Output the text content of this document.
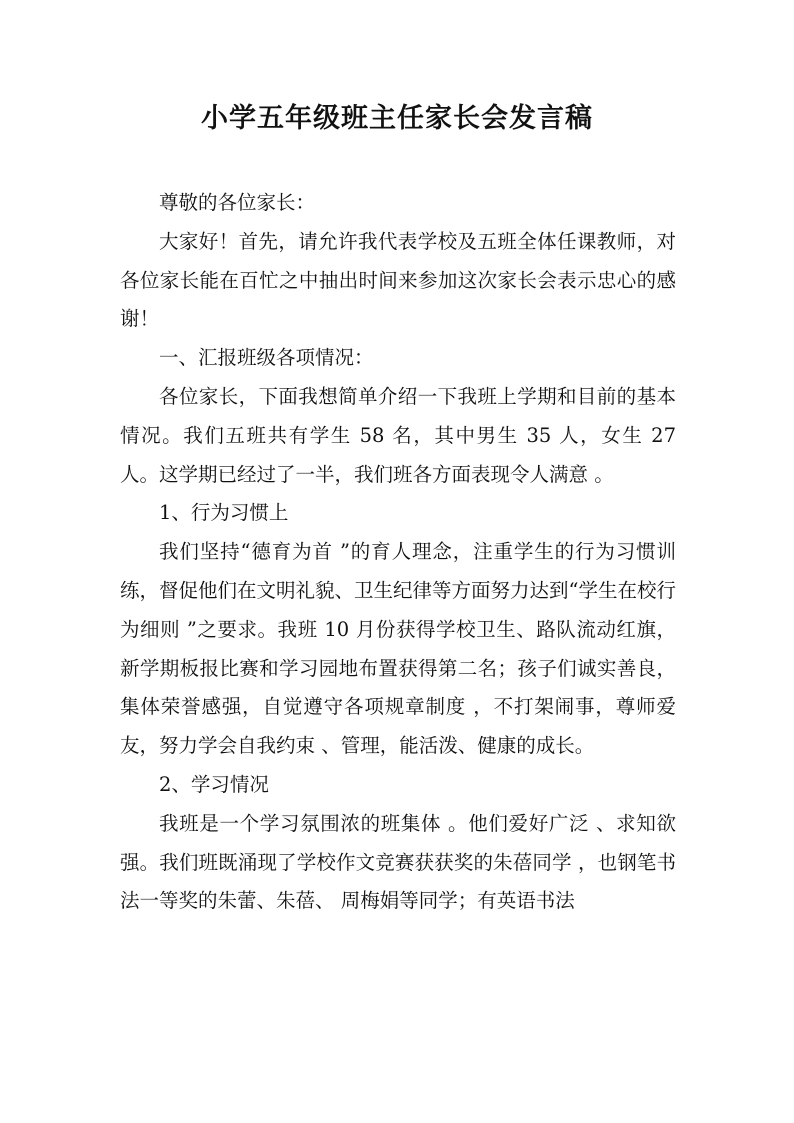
小学五年级班主任家长会发言稿

尊敬的各位家长：

大家好！首先，请允许我代表学校及五班全体任课教师，对各位家长能在百忙之中抽出时间来参加这次家长会表示忠心的感谢！

一、汇报班级各项情况：

各位家长，下面我想简单介绍一下我班上学期和目前的基本情况。我们五班共有学生 58 名，其中男生 35 人，女生 27 人。这学期已经过了一半，我们班各方面表现令人满意 。

1、行为习惯上

我们坚持“德育为首 ”的育人理念，注重学生的行为习惯训练，督促他们在文明礼貌、卫生纪律等方面努力达到“学生在校行为细则 ”之要求。我班 10 月份获得学校卫生、路队流动红旗，新学期板报比赛和学习园地布置获得第二名；孩子们诚实善良，集体荣誉感强，自觉遵守各项规章制度 ，不打架闹事，尊师爱友，努力学会自我约束 、管理，能活泼、健康的成长。

2、学习情况

我班是一个学习氛围浓的班集体 。他们爱好广泛 、求知欲强。我们班既涌现了学校作文竞赛获获奖的朱蓓同学 ，也钢笔书法一等奖的朱蕾、朱蓓、 周梅娟等同学；有英语书法
